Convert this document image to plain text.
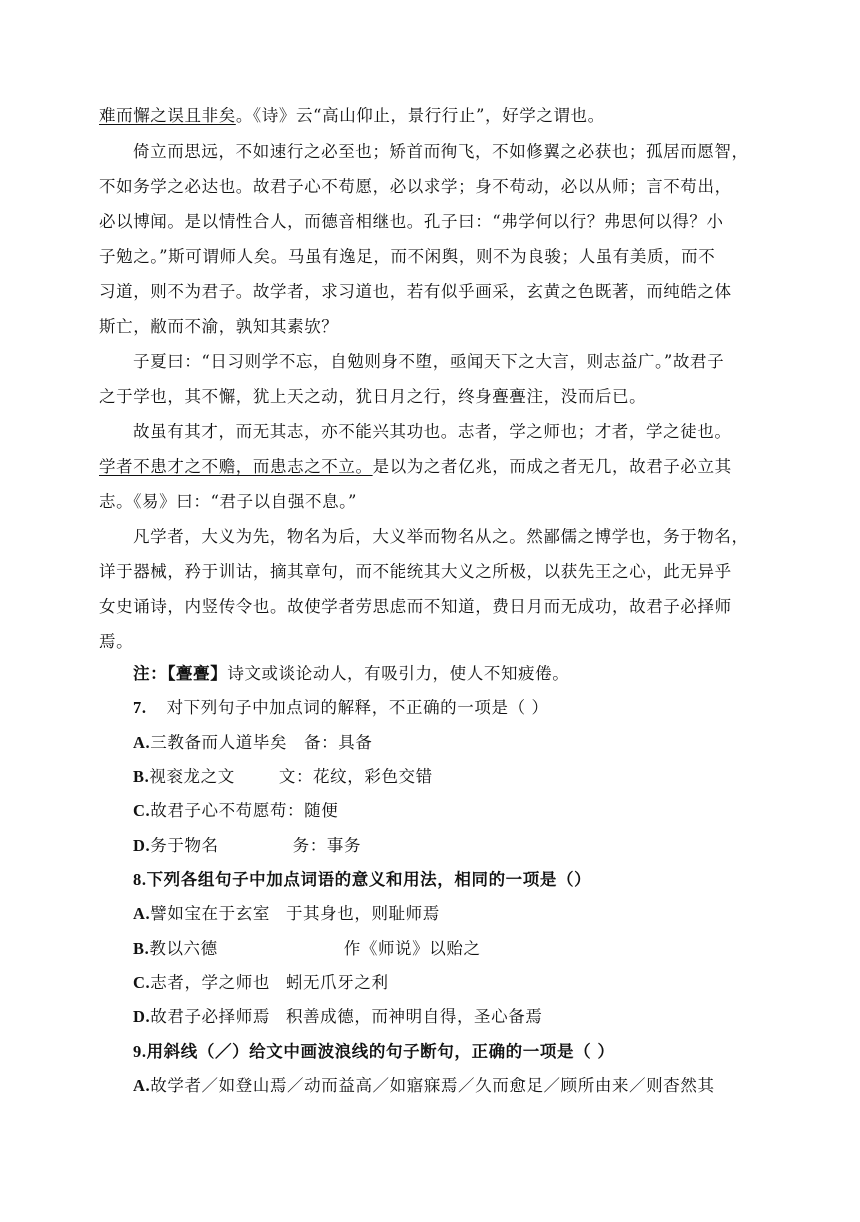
难而懈之误且非矣。《诗》云“高山仰止，景行行止”，好学之谓也。
倚立而思远，不如速行之必至也；矫首而徇飞，不如修翼之必获也；孤居而愿智，
不如务学之必达也。故君子心不苟愿，必以求学；身不苟动，必以从师；言不苟出，
必以博闻。是以情性合人，而德音相继也。孔子曰：“弗学何以行？弗思何以得？小
子勉之。”斯可谓师人矣。马虽有逸足，而不闲舆，则不为良骏；人虽有美质，而不
习道，则不为君子。故学者，求习道也，若有似乎画采，玄黄之色既著，而纯皓之体
斯亡，敝而不渝，孰知其素欤？
子夏曰：“日习则学不忘，自勉则身不堕，亟闻天下之大言，则志益广。”故君子
之于学也，其不懈，犹上天之动，犹日月之行，终身亹亹注，没而后已。
故虽有其才，而无其志，亦不能兴其功也。志者，学之师也；才者，学之徒也。
学者不患才之不赡，而患志之不立。是以为之者亿兆，而成之者无几，故君子必立其
志。《易》曰：“君子以自强不息。”
凡学者，大义为先，物名为后，大义举而物名从之。然鄙儒之博学也，务于物名，
详于器械，矜于训诂，摘其章句，而不能统其大义之所极，以获先王之心，此无异乎
女史诵诗，内竖传令也。故使学者劳思虑而不知道，费日月而无成功，故君子必择师
焉。
注：【亹亹】诗文或谈论动人，有吸引力，使人不知疲倦。
7. 对下列句子中加点词的解释，不正确的一项是（ ）
A.三教备而人道毕矣 备：具备
B.视衮龙之文	文：花纹，彩色交错
C.故君子心不苟愿苟：随便
D.务于物名	务：事务
8.下列各组句子中加点词语的意义和用法，相同的一项是（）
A.譬如宝在于玄室 于其身也，则耻师焉
B.教以六德	作《师说》以贻之
C.志者，学之师也 蚓无爪牙之利
D.故君子必择师焉 积善成德，而神明自得，圣心备焉
9.用斜线（／）给文中画波浪线的句子断句，正确的一项是（ ）
A.故学者／如登山焉／动而益高／如寤寐焉／久而愈足／顾所由来／则杳然其
